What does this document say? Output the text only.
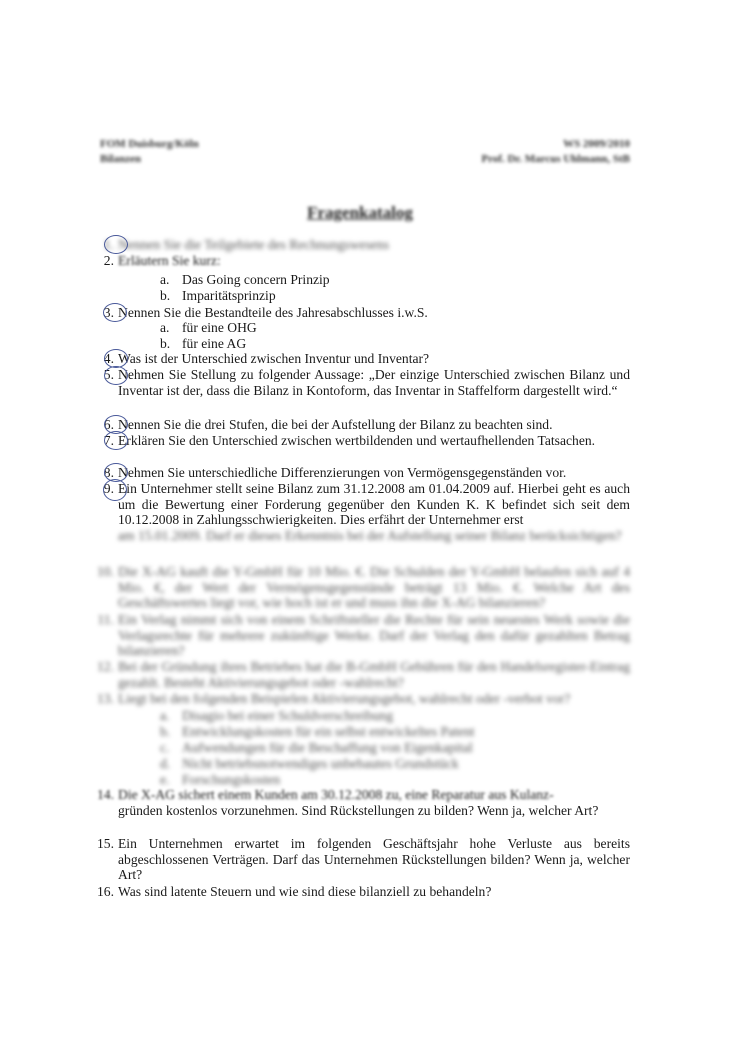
FOM Duisburg/Köln
Bilanzen
WS 2009/2010
Prof. Dr. Marcus Uhlmann, StB
Fragenkatalog
1. Nennen Sie die Teilgebiete des Rechnungswesens
2. Erläutern Sie kurz:
a. Das Going concern Prinzip
b. Imparitätsprinzip
3. Nennen Sie die Bestandteile des Jahresabschlusses i.w.S.
a. für eine OHG
b. für eine AG
4. Was ist der Unterschied zwischen Inventur und Inventar?
5. Nehmen Sie Stellung zu folgender Aussage: „Der einzige Unterschied zwischen Bilanz und Inventar ist der, dass die Bilanz in Kontoform, das Inventar in Staffelform dargestellt wird.“
6. Nennen Sie die drei Stufen, die bei der Aufstellung der Bilanz zu beachten sind.
7. Erklären Sie den Unterschied zwischen wertbildenden und wertaufhellenden Tatsachen.
8. Nehmen Sie unterschiedliche Differenzierungen von Vermögensgegenständen vor.
9. Ein Unternehmer stellt seine Bilanz zum 31.12.2008 am 01.04.2009 auf. Hierbei geht es auch um die Bewertung einer Forderung gegenüber den Kunden K. K befindet sich seit dem 10.12.2008 in Zahlungsschwierigkeiten. Dies erfährt der Unternehmer erst
am 15.01.2009. Darf er dieses Erkenntnis bei der Aufstellung seiner Bilanz berücksichtigen?
10. Die X-AG kauft die Y-GmbH für 10 Mio. €. Die Schulden der Y-GmbH belaufen sich auf 4 Mio. €, der Wert der Vermögensgegenstände beträgt 13 Mio. €. Welche Art des Geschäftswertes liegt vor, wie hoch ist er und muss ihn die X-AG bilanzieren?
11. Ein Verlag nimmt sich von einem Schriftsteller die Rechte für sein neuestes Werk sowie die Verlagsrechte für mehrere zukünftige Werke. Darf der Verlag den dafür gezahlten Betrag bilanzieren?
12. Bei der Gründung ihres Betriebes hat die B-GmbH Gebühren für den Handelsregister-Eintrag gezahlt. Besteht Aktivierungsgebot oder -wahlrecht?
13. Liegt bei den folgenden Beispielen Aktivierungsgebot, wahlrecht oder -verbot vor?
a. Disagio bei einer Schuldverschreibung
b. Entwicklungskosten für ein selbst entwickeltes Patent
c. Aufwendungen für die Beschaffung von Eigenkapital
d. Nicht betriebsnotwendiges unbebautes Grundstück
e. Forschungskosten
14. Die X-AG sichert einem Kunden am 30.12.2008 zu, eine Reparatur aus Kulanz-
gründen kostenlos vorzunehmen. Sind Rückstellungen zu bilden? Wenn ja, welcher Art?
15. Ein Unternehmen erwartet im folgenden Geschäftsjahr hohe Verluste aus bereits abgeschlossenen Verträgen. Darf das Unternehmen Rückstellungen bilden? Wenn ja, welcher Art?
16. Was sind latente Steuern und wie sind diese bilanziell zu behandeln?
